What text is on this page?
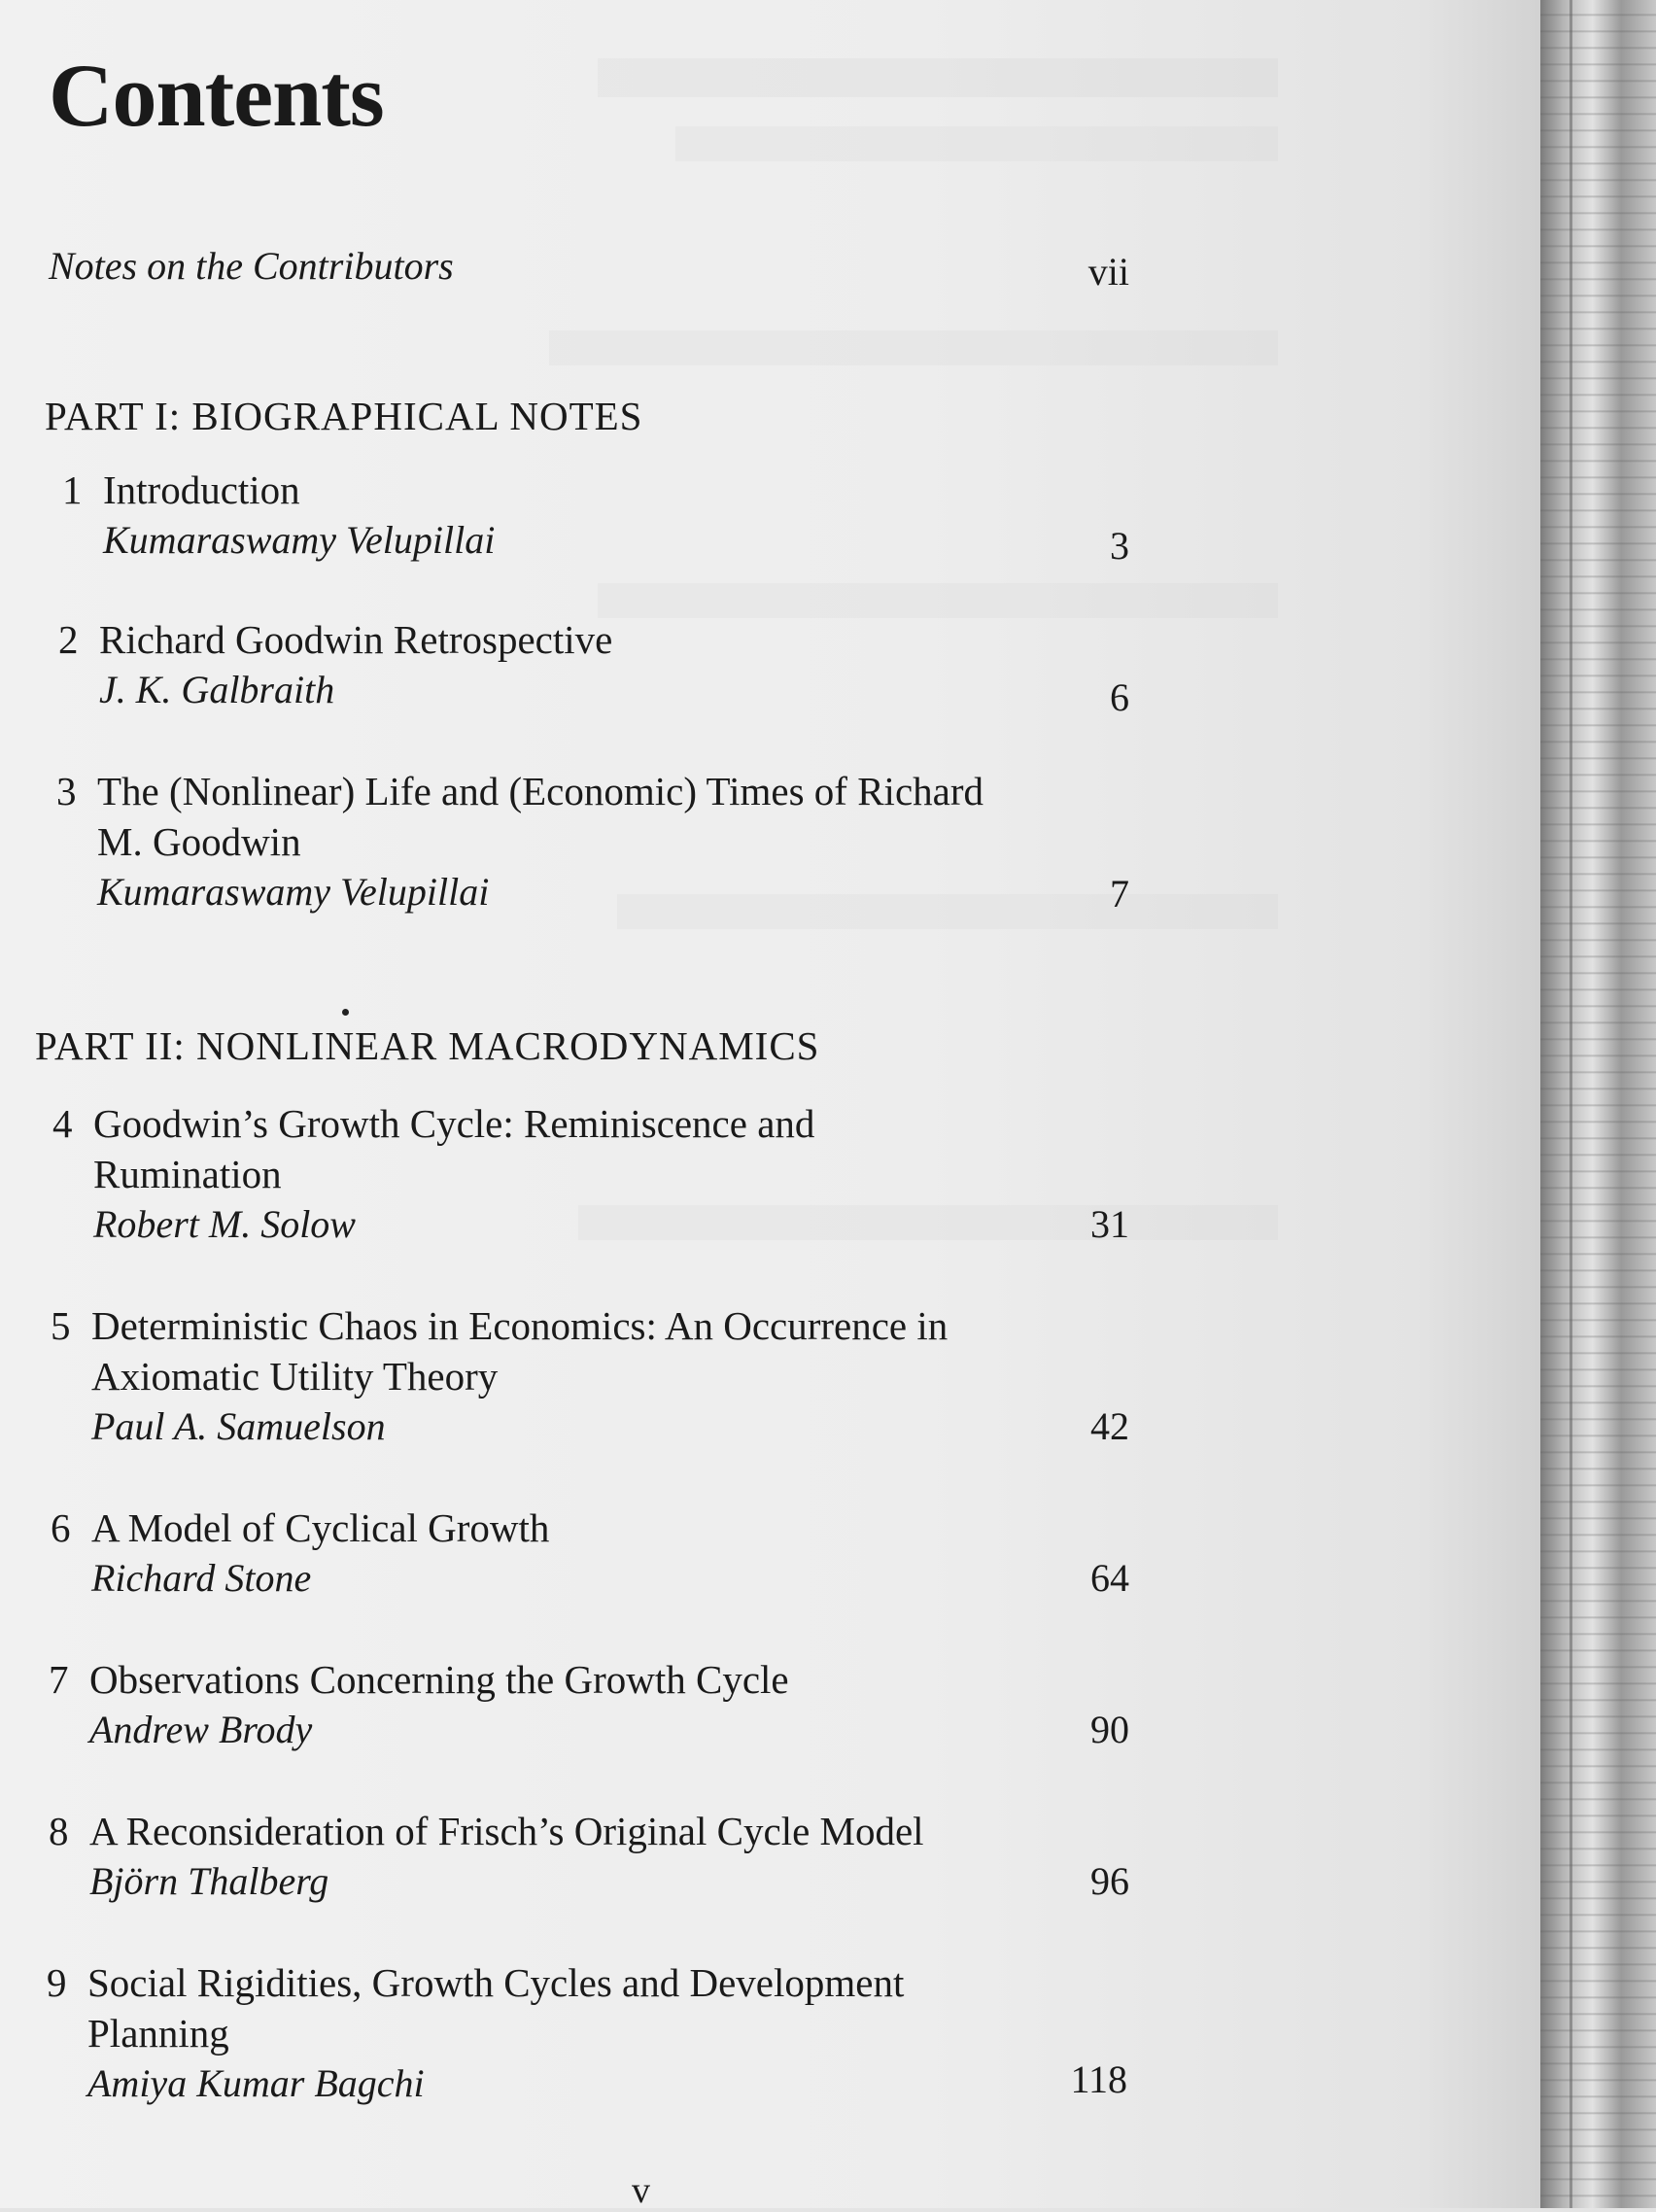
Contents
Notes on the Contributors	vii
PART I: BIOGRAPHICAL NOTES
1 Introduction
Kumaraswamy Velupillai	3
2 Richard Goodwin Retrospective
J. K. Galbraith	6
3 The (Nonlinear) Life and (Economic) Times of Richard
M. Goodwin
Kumaraswamy Velupillai	7
PART II: NONLINEAR MACRODYNAMICS
4 Goodwin’s Growth Cycle: Reminiscence and
Rumination
Robert M. Solow	31
5 Deterministic Chaos in Economics: An Occurrence in
Axiomatic Utility Theory
Paul A. Samuelson	42
6 A Model of Cyclical Growth
Richard Stone	64
7 Observations Concerning the Growth Cycle
Andrew Brody	90
8 A Reconsideration of Frisch’s Original Cycle Model
Björn Thalberg	96
9 Social Rigidities, Growth Cycles and Development
Planning
Amiya Kumar Bagchi	118
v
